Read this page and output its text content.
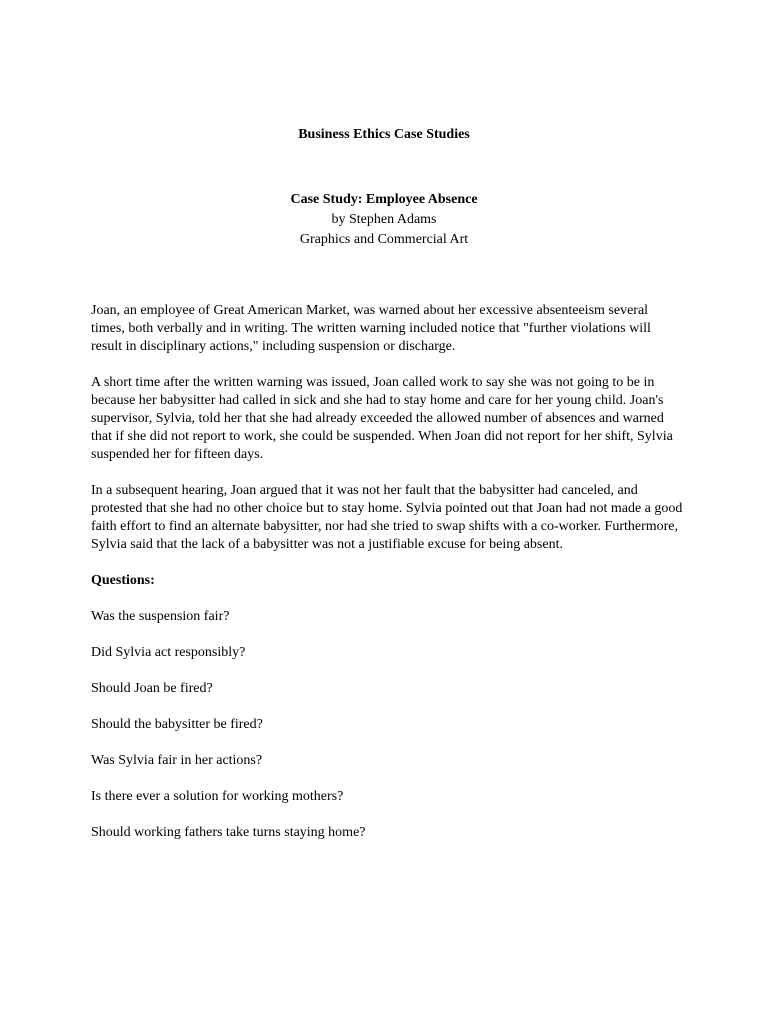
Business Ethics Case Studies
Case Study: Employee Absence
by Stephen Adams
Graphics and Commercial Art

Joan, an employee of Great American Market, was warned about her excessive absenteeism several times, both verbally and in writing. The written warning included notice that "further violations will result in disciplinary actions," including suspension or discharge.

A short time after the written warning was issued, Joan called work to say she was not going to be in because her babysitter had called in sick and she had to stay home and care for her young child. Joan's supervisor, Sylvia, told her that she had already exceeded the allowed number of absences and warned that if she did not report to work, she could be suspended. When Joan did not report for her shift, Sylvia suspended her for fifteen days.

In a subsequent hearing, Joan argued that it was not her fault that the babysitter had canceled, and protested that she had no other choice but to stay home. Sylvia pointed out that Joan had not made a good faith effort to find an alternate babysitter, nor had she tried to swap shifts with a co-worker. Furthermore, Sylvia said that the lack of a babysitter was not a justifiable excuse for being absent.

Questions:
Was the suspension fair?
Did Sylvia act responsibly?
Should Joan be fired?
Should the babysitter be fired?
Was Sylvia fair in her actions?
Is there ever a solution for working mothers?
Should working fathers take turns staying home?
